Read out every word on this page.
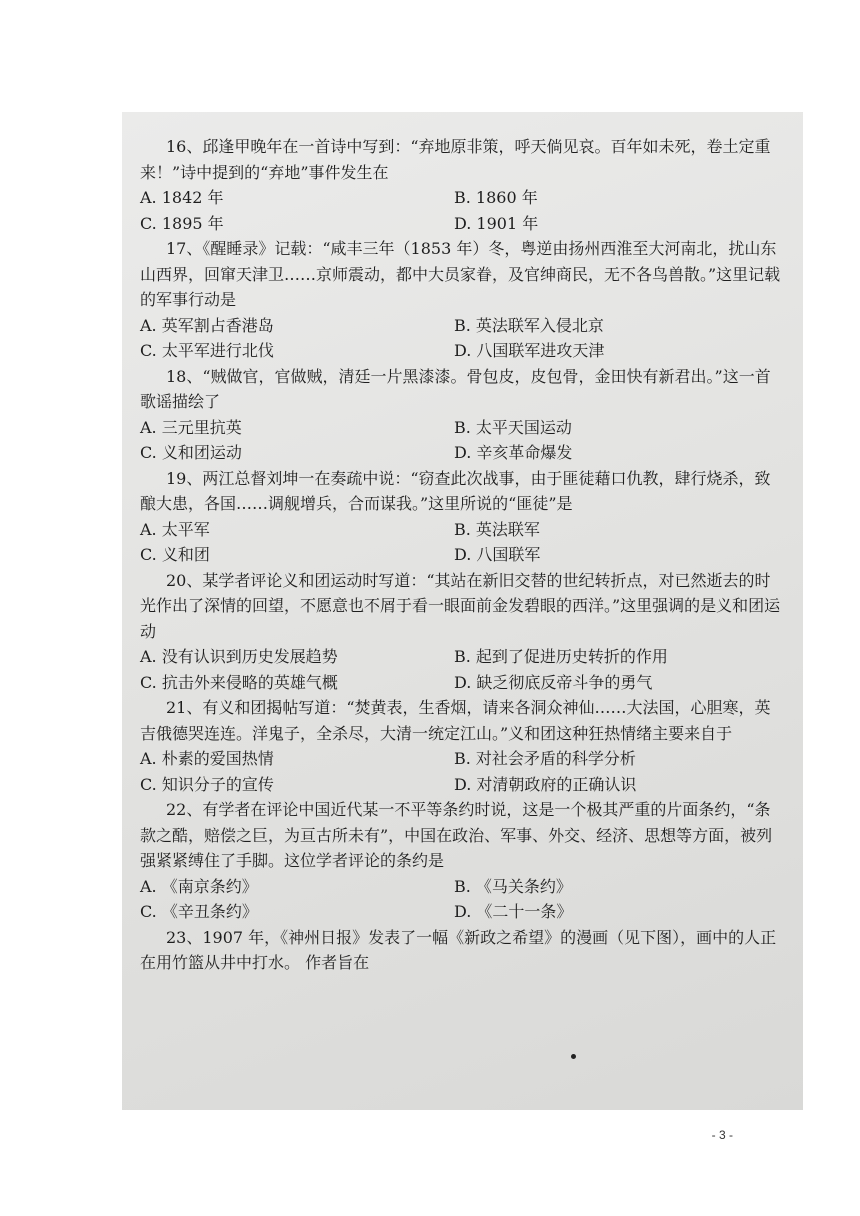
16、邱逢甲晚年在一首诗中写到：“弃地原非策，呼天倘见哀。百年如未死，卷土定重来！”诗中提到的“弃地”事件发生在

A. 1842 年	B. 1860 年
C. 1895 年	D. 1901 年

17、《醒睡录》记载：“咸丰三年（1853 年）冬，粤逆由扬州西淮至大河南北，扰山东山西界，回窜天津卫……京师震动，都中大员家眷，及官绅商民，无不各鸟兽散。”这里记载的军事行动是

A. 英军割占香港岛	B. 英法联军入侵北京
C. 太平军进行北伐	D. 八国联军进攻天津

18、“贼做官，官做贼，清廷一片黑漆漆。骨包皮，皮包骨，金田快有新君出。”这一首歌谣描绘了

A. 三元里抗英	B. 太平天国运动
C. 义和团运动	D. 辛亥革命爆发

19、两江总督刘坤一在奏疏中说：“窃查此次战事，由于匪徒藉口仇教，肆行烧杀，致酿大患，各国……调舰增兵，合而谋我。”这里所说的“匪徒”是

A. 太平军	B. 英法联军
C. 义和团	D. 八国联军

20、某学者评论义和团运动时写道：“其站在新旧交替的世纪转折点，对已然逝去的时光作出了深情的回望，不愿意也不屑于看一眼面前金发碧眼的西洋。”这里强调的是义和团运动

A. 没有认识到历史发展趋势	B. 起到了促进历史转折的作用
C. 抗击外来侵略的英雄气概	D. 缺乏彻底反帝斗争的勇气

21、有义和团揭帖写道：“焚黄表，生香烟，请来各洞众神仙……大法国，心胆寒，英吉俄德哭连连。洋鬼子，全杀尽，大清一统定江山。”义和团这种狂热情绪主要来自于

A. 朴素的爱国热情	B. 对社会矛盾的科学分析
C. 知识分子的宣传	D. 对清朝政府的正确认识

22、有学者在评论中国近代某一不平等条约时说，这是一个极其严重的片面条约，“条款之酷，赔偿之巨，为亘古所未有”，中国在政治、军事、外交、经济、思想等方面，被列强紧紧缚住了手脚。这位学者评论的条约是

A. 《南京条约》	B. 《马关条约》
C. 《辛丑条约》	D. 《二十一条》

23、1907 年，《神州日报》发表了一幅《新政之希望》的漫画（见下图），画中的人正在用竹篮从井中打水。 作者旨在

- 3 -
